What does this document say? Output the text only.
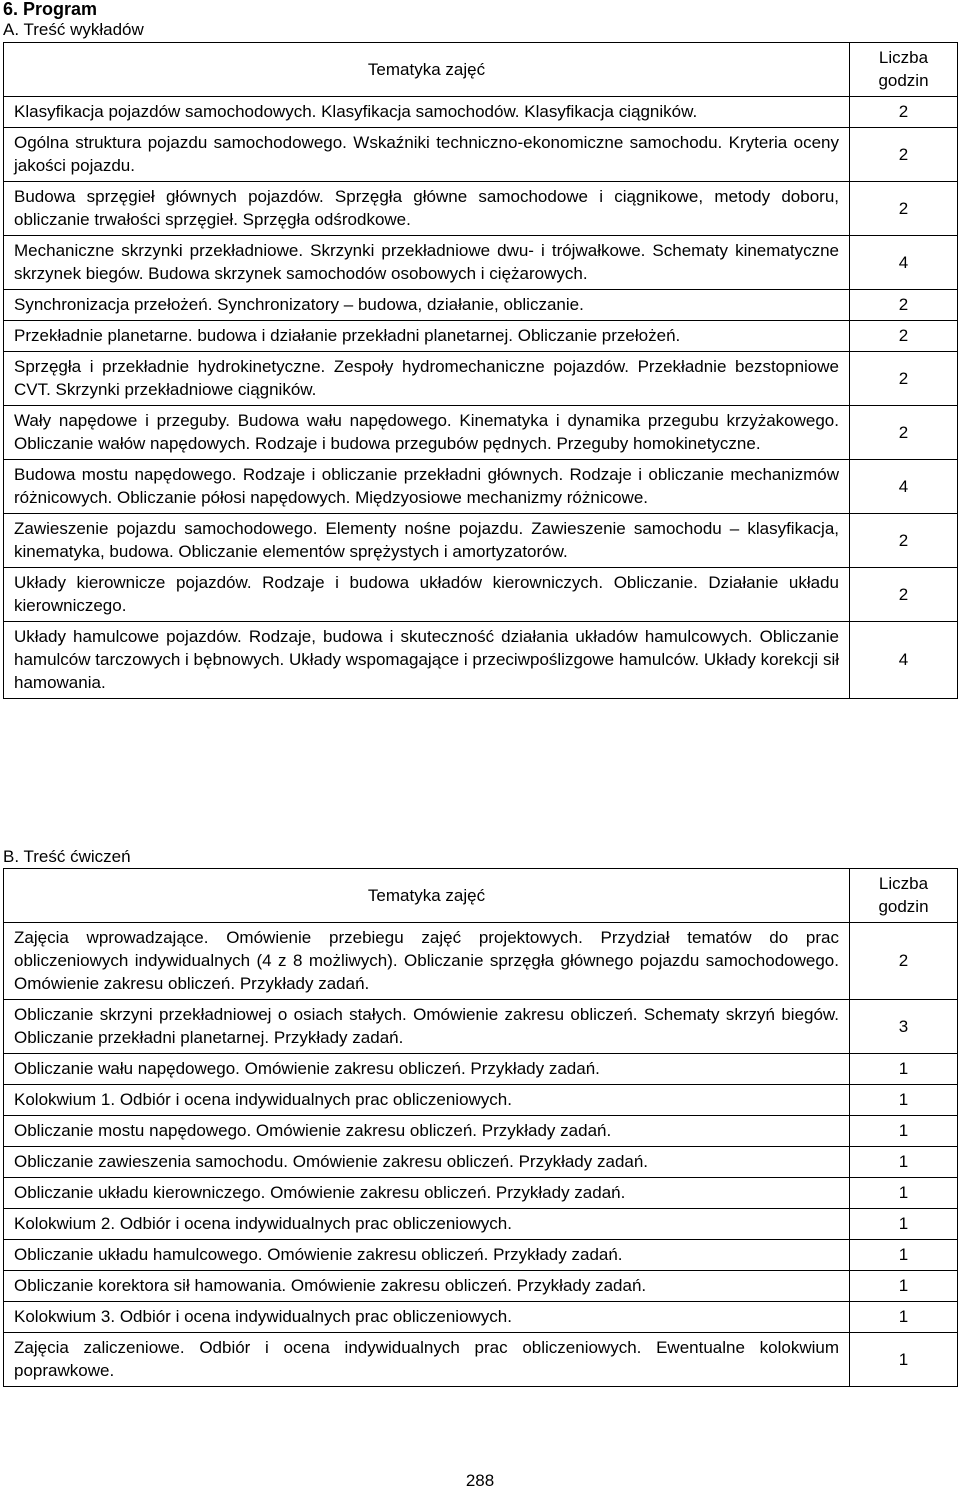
6. Program
A. Treść wykładów
Tematyka zajęć	Liczba godzin
Klasyfikacja pojazdów samochodowych. Klasyfikacja samochodów. Klasyfikacja ciągników.	2
Ogólna struktura pojazdu samochodowego. Wskaźniki techniczno-ekonomiczne samochodu. Kryteria oceny jakości pojazdu.	2
Budowa sprzęgieł głównych pojazdów. Sprzęgła główne samochodowe i ciągnikowe, metody doboru, obliczanie trwałości sprzęgieł. Sprzęgła odśrodkowe.	2
Mechaniczne skrzynki przekładniowe. Skrzynki przekładniowe dwu- i trójwałkowe. Schematy kinematyczne skrzynek biegów. Budowa skrzynek samochodów osobowych i ciężarowych.	4
Synchronizacja przełożeń. Synchronizatory – budowa, działanie, obliczanie.	2
Przekładnie planetarne. budowa i działanie przekładni planetarnej. Obliczanie przełożeń.	2
Sprzęgła i przekładnie hydrokinetyczne. Zespoły hydromechaniczne pojazdów. Przekładnie bezstopniowe CVT. Skrzynki przekładniowe ciągników.	2
Wały napędowe i przeguby. Budowa wału napędowego. Kinematyka i dynamika przegubu krzyżakowego. Obliczanie wałów napędowych. Rodzaje i budowa przegubów pędnych. Przeguby homokinetyczne.	2
Budowa mostu napędowego. Rodzaje i obliczanie przekładni głównych. Rodzaje i obliczanie mechanizmów różnicowych. Obliczanie półosi napędowych. Międzyosiowe mechanizmy różnicowe.	4
Zawieszenie pojazdu samochodowego. Elementy nośne pojazdu. Zawieszenie samochodu – klasyfikacja, kinematyka, budowa. Obliczanie elementów sprężystych i amortyzatorów.	2
Układy kierownicze pojazdów. Rodzaje i budowa układów kierowniczych. Obliczanie. Działanie układu kierowniczego.	2
Układy hamulcowe pojazdów. Rodzaje, budowa i skuteczność działania układów hamulcowych. Obliczanie hamulców tarczowych i bębnowych. Układy wspomagające i przeciwpoślizgowe hamulców. Układy korekcji sił hamowania.	4
B. Treść ćwiczeń
Tematyka zajęć	Liczba godzin
Zajęcia wprowadzające. Omówienie przebiegu zajęć projektowych. Przydział tematów do prac obliczeniowych indywidualnych (4 z 8 możliwych). Obliczanie sprzęgła głównego pojazdu samochodowego. Omówienie zakresu obliczeń. Przykłady zadań.	2
Obliczanie skrzyni przekładniowej o osiach stałych. Omówienie zakresu obliczeń. Schematy skrzyń biegów. Obliczanie przekładni planetarnej. Przykłady zadań.	3
Obliczanie wału napędowego. Omówienie zakresu obliczeń. Przykłady zadań.	1
Kolokwium 1. Odbiór i ocena indywidualnych prac obliczeniowych.	1
Obliczanie mostu napędowego. Omówienie zakresu obliczeń. Przykłady zadań.	1
Obliczanie zawieszenia samochodu. Omówienie zakresu obliczeń. Przykłady zadań.	1
Obliczanie układu kierowniczego. Omówienie zakresu obliczeń. Przykłady zadań.	1
Kolokwium 2. Odbiór i ocena indywidualnych prac obliczeniowych.	1
Obliczanie układu hamulcowego. Omówienie zakresu obliczeń. Przykłady zadań.	1
Obliczanie korektora sił hamowania. Omówienie zakresu obliczeń. Przykłady zadań.	1
Kolokwium 3. Odbiór i ocena indywidualnych prac obliczeniowych.	1
Zajęcia zaliczeniowe. Odbiór i ocena indywidualnych prac obliczeniowych. Ewentualne kolokwium poprawkowe.	1
288
